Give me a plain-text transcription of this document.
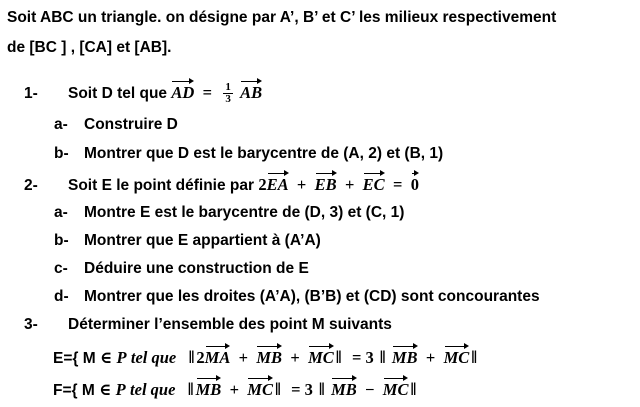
Soit ABC un triangle. on désigne par A’, B’ et C’ les milieux respectivement
de [BC ] , [CA] et [AB].
1- Soit D tel que AD = $\frac{1}{3}$ AB
a- Construire D
b- Montrer que D est le barycentre de (A, 2) et (B, 1)
2- Soit E le point définie par 2EA + EB + EC = 0
a- Montre E est le barycentre de (D, 3) et (C, 1)
b- Montrer que E appartient à (A’A)
c- Déduire une construction de E
d- Montrer que les droites (A’A), (B’B) et (CD) sont concourantes
3- Déterminer l’ensemble des point M suivants
E={ M ∈ P tel que ‖ 2MA + MB + MC ‖ = 3 ‖ MB + MC ‖
F={ M ∈ P tel que ‖ MB + MC ‖ = 3 ‖ MB − MC ‖
